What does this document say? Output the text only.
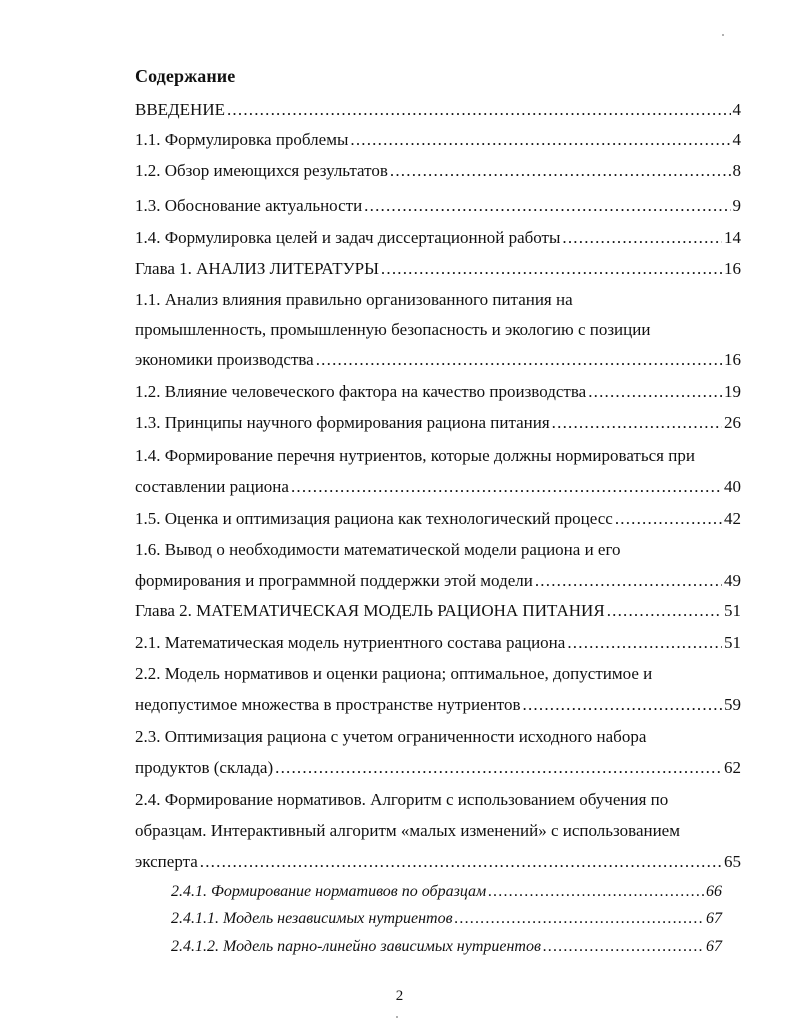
Содержание
ВВЕДЕНИЕ .....	4
1.1. Формулировка проблемы .....	4
1.2. Обзор имеющихся результатов .....	8
1.3. Обоснование актуальности .....	9
1.4. Формулировка целей и задач диссертационной работы .....	14
Глава 1. АНАЛИЗ ЛИТЕРАТУРЫ .....	16
1.1. Анализ влияния правильно организованного питания на
промышленность, промышленную безопасность и экологию с позиции
экономики производства .....	16
1.2. Влияние человеческого фактора на качество производства .....	19
1.3. Принципы научного формирования рациона питания .....	26
1.4. Формирование перечня нутриентов, которые должны нормироваться при
составлении рациона .....	40
1.5. Оценка и оптимизация рациона как технологический процесс .....	42
1.6. Вывод о необходимости математической модели рациона и его
формирования и программной поддержки этой модели .....	49
Глава 2. МАТЕМАТИЧЕСКАЯ МОДЕЛЬ РАЦИОНА ПИТАНИЯ .....	51
2.1. Математическая модель нутриентного состава рациона .....	51
2.2. Модель нормативов и оценки рациона; оптимальное, допустимое и
недопустимое множества в пространстве нутриентов .....	59
2.3. Оптимизация рациона с учетом ограниченности исходного набора
продуктов (склада) .....	62
2.4. Формирование нормативов. Алгоритм с использованием обучения по
образцам. Интерактивный алгоритм «малых изменений» с использованием
эксперта .....	65
2.4.1. Формирование нормативов по образцам .....	66
2.4.1.1. Модель независимых нутриентов .....	67
2.4.1.2. Модель парно-линейно зависимых нутриентов .....	67
2
